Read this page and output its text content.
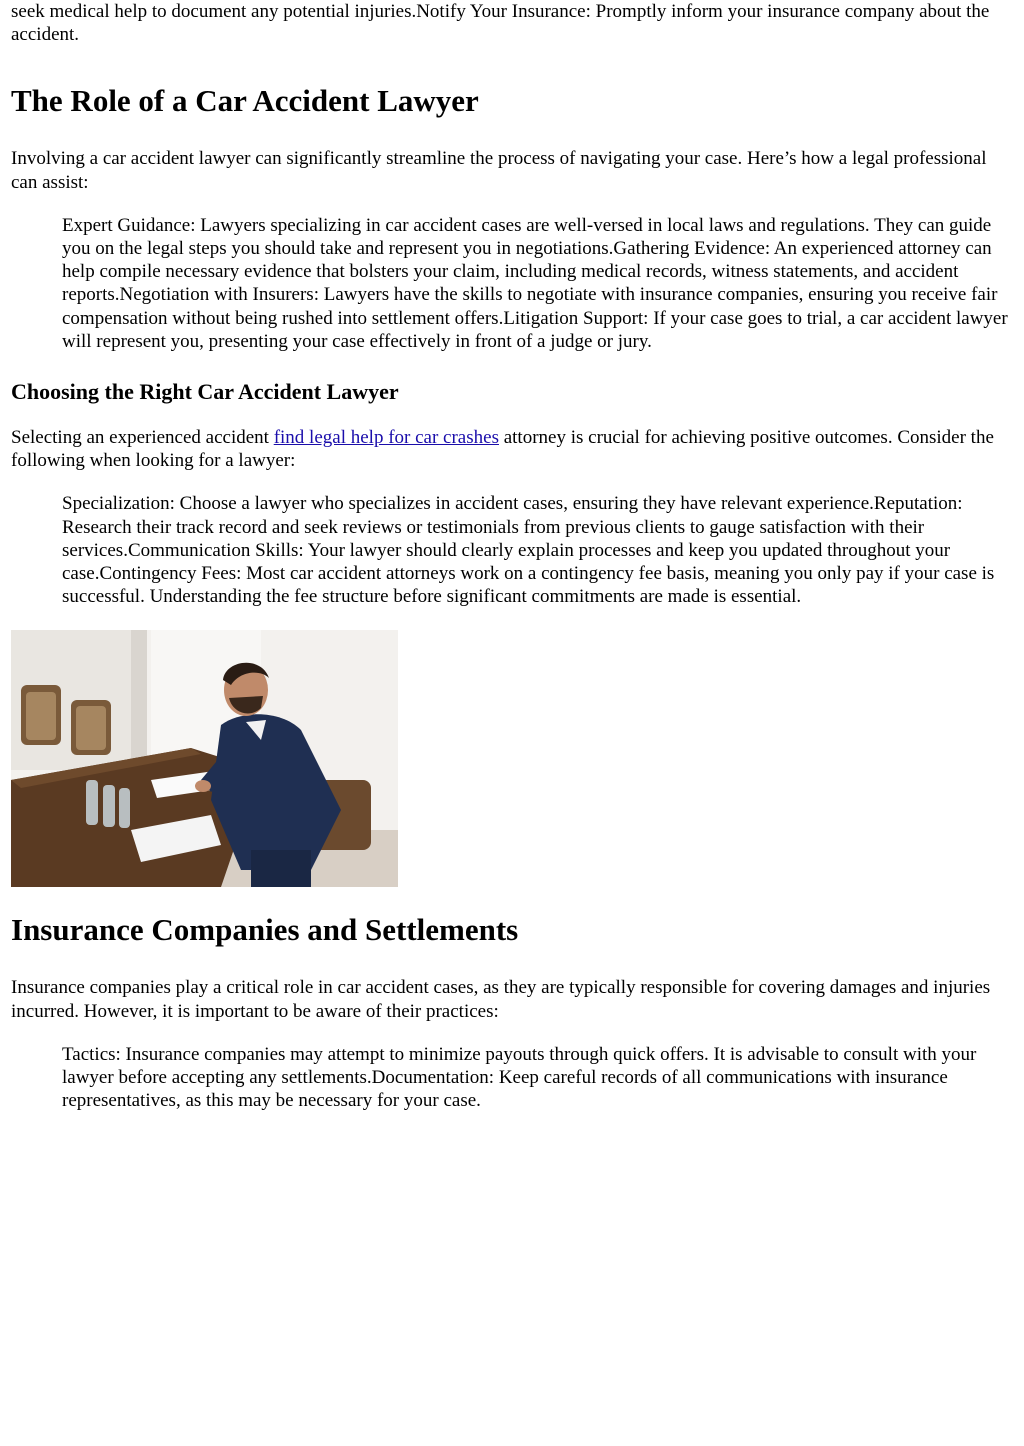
seek medical help to document any potential injuries.Notify Your Insurance: Promptly inform your insurance company about the accident.

The Role of a Car Accident Lawyer

Involving a car accident lawyer can significantly streamline the process of navigating your case. Here’s how a legal professional can assist:

Expert Guidance: Lawyers specializing in car accident cases are well-versed in local laws and regulations. They can guide you on the legal steps you should take and represent you in negotiations.Gathering Evidence: An experienced attorney can help compile necessary evidence that bolsters your claim, including medical records, witness statements, and accident reports.Negotiation with Insurers: Lawyers have the skills to negotiate with insurance companies, ensuring you receive fair compensation without being rushed into settlement offers.Litigation Support: If your case goes to trial, a car accident lawyer will represent you, presenting your case effectively in front of a judge or jury.
Choosing the Right Car Accident Lawyer

Selecting an experienced accident find legal help for car crashes attorney is crucial for achieving positive outcomes. Consider the following when looking for a lawyer:

Specialization: Choose a lawyer who specializes in accident cases, ensuring they have relevant experience.Reputation: Research their track record and seek reviews or testimonials from previous clients to gauge satisfaction with their services.Communication Skills: Your lawyer should clearly explain processes and keep you updated throughout your case.Contingency Fees: Most car accident attorneys work on a contingency fee basis, meaning you only pay if your case is successful. Understanding the fee structure before significant commitments are made is essential.
Insurance Companies and Settlements

Insurance companies play a critical role in car accident cases, as they are typically responsible for covering damages and injuries incurred. However, it is important to be aware of their practices:

Tactics: Insurance companies may attempt to minimize payouts through quick offers. It is advisable to consult with your lawyer before accepting any settlements.Documentation: Keep careful records of all communications with insurance representatives, as this may be necessary for your case.
